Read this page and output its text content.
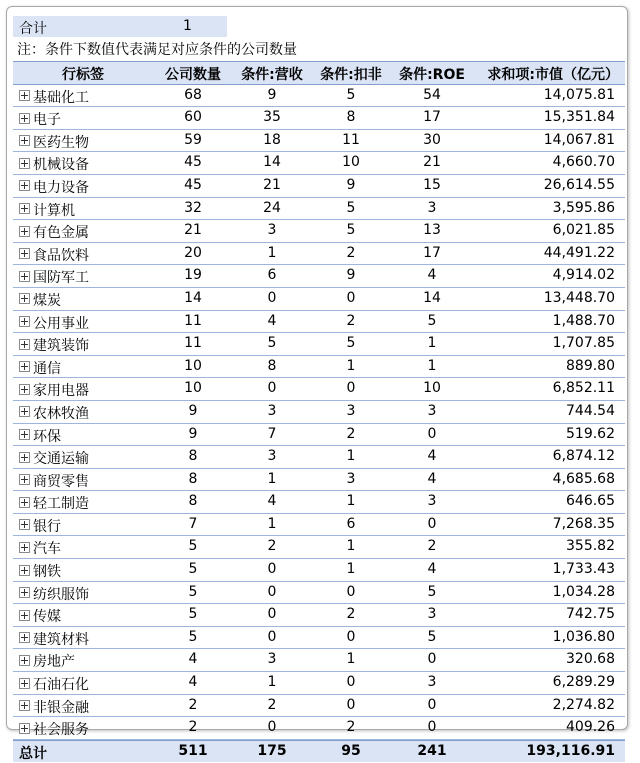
合计	1
注：条件下数值代表满足对应条件的公司数量
行标签	公司数量	条件:营收	条件:扣非	条件:ROE	求和项:市值（亿元）
基础化工	68	9	5	54	14,075.81
电子	60	35	8	17	15,351.84
医药生物	59	18	11	30	14,067.81
机械设备	45	14	10	21	4,660.70
电力设备	45	21	9	15	26,614.55
计算机	32	24	5	3	3,595.86
有色金属	21	3	5	13	6,021.85
食品饮料	20	1	2	17	44,491.22
国防军工	19	6	9	4	4,914.02
煤炭	14	0	0	14	13,448.70
公用事业	11	4	2	5	1,488.70
建筑装饰	11	5	5	1	1,707.85
通信	10	8	1	1	889.80
家用电器	10	0	0	10	6,852.11
农林牧渔	9	3	3	3	744.54
环保	9	7	2	0	519.62
交通运输	8	3	1	4	6,874.12
商贸零售	8	1	3	4	4,685.68
轻工制造	8	4	1	3	646.65
银行	7	1	6	0	7,268.35
汽车	5	2	1	2	355.82
钢铁	5	0	1	4	1,733.43
纺织服饰	5	0	0	5	1,034.28
传媒	5	0	2	3	742.75
建筑材料	5	0	0	5	1,036.80
房地产	4	3	1	0	320.68
石油石化	4	1	0	3	6,289.29
非银金融	2	2	0	0	2,274.82
社会服务	2	0	2	0	409.26
总计	511	175	95	241	193,116.91
